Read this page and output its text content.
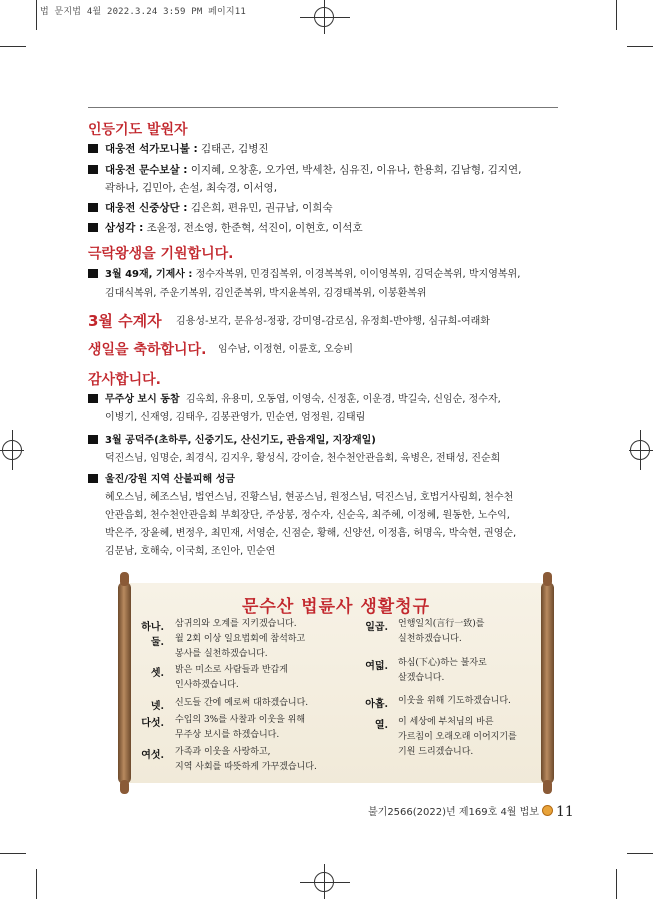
법 문지법 4월 2022.3.24 3:59 PM 페이지11
인등기도 발원자
대웅전 석가모니불 : 김태곤, 김병진
대웅전 문수보살 : 이지혜, 오창훈, 오가연, 박세찬, 심유진, 이유나, 한용희, 김남형, 김지연,
곽하나, 김민아, 손설, 최숙경, 이서영,
대웅전 신중상단 : 김은희, 편유민, 권규남, 이희숙
삼성각 : 조윤정, 전소영, 한준혁, 석진이, 이현호, 이석호
극락왕생을 기원합니다.
3월 49재, 기제사 : 정수자복위, 민경집복위, 이경복복위, 이이영복위, 김덕순복위, 박지영복위,
김대식복위, 주운기복위, 김인준복위, 박지윤복위, 김경태복위, 이봉환복위
3월 수계자 김용성-보각, 문유성-정광, 강미영-감로심, 유정희-반야행, 심규희-여래화
생일을 축하합니다. 임수남, 이정현, 이륜호, 오승비
감사합니다.
무주상 보시 동참 김옥희, 유용미, 오동엽, 이영숙, 신정훈, 이운경, 박길숙, 신임순, 정수자,
이병기, 신재영, 김태우, 김봉관영가, 민순연, 엄정원, 김태림
3월 공덕주(초하루, 신중기도, 산신기도, 관음재일, 지장재일)
덕진스님, 임명순, 최경식, 김지우, 황성식, 강이슬, 천수천안관음회, 육병은, 전태성, 진순희
울진/강원 지역 산불피해 성금
혜오스님, 혜조스님, 법연스님, 진황스님, 현공스님, 원정스님, 덕진스님, 호법거사림회, 천수천
안관음회, 천수천안관음회 부회장단, 주상봉, 정수자, 신순옥, 최주혜, 이정혜, 원동한, 노수익,
박은주, 장윤혜, 변정우, 최민재, 서영순, 신점순, 황해, 신양선, 이정흠, 허명옥, 박숙현, 권영순,
김문남, 호해숙, 이국희, 조인아, 민순연
문수산 법륜사 생활청규
하나. 삼귀의와 오계를 지키겠습니다.
둘. 월 2회 이상 일요법회에 참석하고
봉사를 실천하겠습니다.
셋. 밝은 미소로 사람들과 반갑게
인사하겠습니다.
넷. 신도들 간에 예로써 대하겠습니다.
다섯. 수입의 3%를 사찰과 이웃을 위해
무주상 보시를 하겠습니다.
여섯. 가족과 이웃을 사랑하고,
지역 사회를 따뜻하게 가꾸겠습니다.
일곱. 언행일치(言行一致)를
실천하겠습니다.
여덟. 하심(下心)하는 불자로
살겠습니다.
아홉. 이웃을 위해 기도하겠습니다.
열. 이 세상에 부처님의 바른
가르침이 오래오래 이어지기를
기원 드리겠습니다.
불기2566(2022)년 제169호 4월 법보 11
